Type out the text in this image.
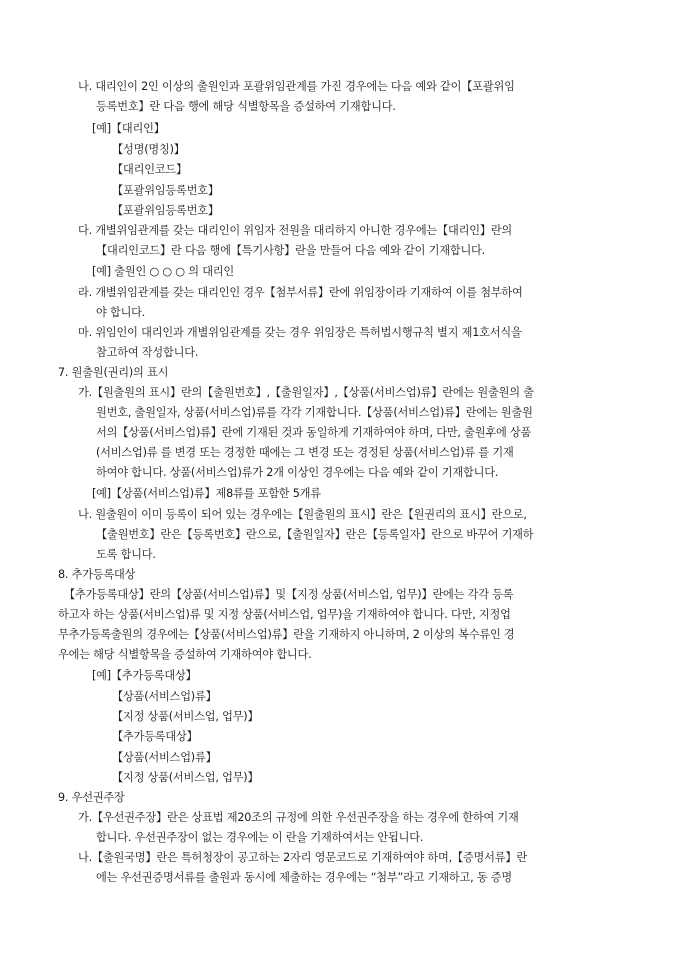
나. 대리인이 2인 이상의 출원인과 포괄위임관계를 가진 경우에는 다음 예와 같이【포괄위임
등록번호】란 다음 행에 해당 식별항목을 증설하여 기재합니다.
[예]【대리인】
【성명(명칭)】
【대리인코드】
【포괄위임등록번호】
【포괄위임등록번호】
다. 개별위임관계를 갖는 대리인이 위임자 전원을 대리하지 아니한 경우에는【대리인】란의
【대리인코드】란 다음 행에【특기사항】란을 만들어 다음 예와 같이 기재합니다.
[예] 출원인 ○ ○ ○ 의 대리인
라. 개별위임관계를 갖는 대리인인 경우【첨부서류】란에 위임장이라 기재하여 이를 첨부하여
야 합니다.
마. 위임인이 대리인과 개별위임관계를 갖는 경우 위임장은 특허법시행규칙 별지 제1호서식을
참고하여 작성합니다.
7. 원출원(권리)의 표시
가.【원출원의 표시】란의【출원번호】,【출원일자】,【상품(서비스업)류】란에는 원출원의 출
원번호, 출원일자, 상품(서비스업)류를 각각 기재합니다.【상품(서비스업)류】란에는 원출원
서의【상품(서비스업)류】란에 기재된 것과 동일하게 기재하여야 하며, 다만, 출원후에 상품
(서비스업)류 를 변경 또는 경정한 때에는 그 변경 또는 경정된 상품(서비스업)류 를 기재
하여야 합니다. 상품(서비스업)류가 2개 이상인 경우에는 다음 예와 같이 기재합니다.
[예]【상품(서비스업)류】제8류를 포함한 5개류
나. 원출원이 이미 등록이 되어 있는 경우에는【원출원의 표시】란은【원권리의 표시】란으로,
【출원번호】란은【등록번호】란으로,【출원일자】란은【등록일자】란으로 바꾸어 기재하
도록 합니다.
8. 추가등록대상
【추가등록대상】란의【상품(서비스업)류】및【지정 상품(서비스업, 업무)】란에는 각각 등록
하고자 하는 상품(서비스업)류 및 지정 상품(서비스업, 업무)을 기재하여야 합니다. 다만, 지정업
무추가등록출원의 경우에는【상품(서비스업)류】란을 기재하지 아니하며, 2 이상의 복수류인 경
우에는 해당 식별항목을 증설하여 기재하여야 합니다.
[예]【추가등록대상】
【상품(서비스업)류】
【지정 상품(서비스업, 업무)】
【추가등록대상】
【상품(서비스업)류】
【지정 상품(서비스업, 업무)】
9. 우선권주장
가.【우선권주장】란은 상표법 제20조의 규정에 의한 우선권주장을 하는 경우에 한하여 기재
합니다. 우선권주장이 없는 경우에는 이 란을 기재하여서는 안됩니다.
나.【출원국명】란은 특허청장이 공고하는 2자리 영문코드로 기재하여야 하며,【증명서류】란
에는 우선권증명서류를 출원과 동시에 제출하는 경우에는 “첨부”라고 기재하고, 동 증명
